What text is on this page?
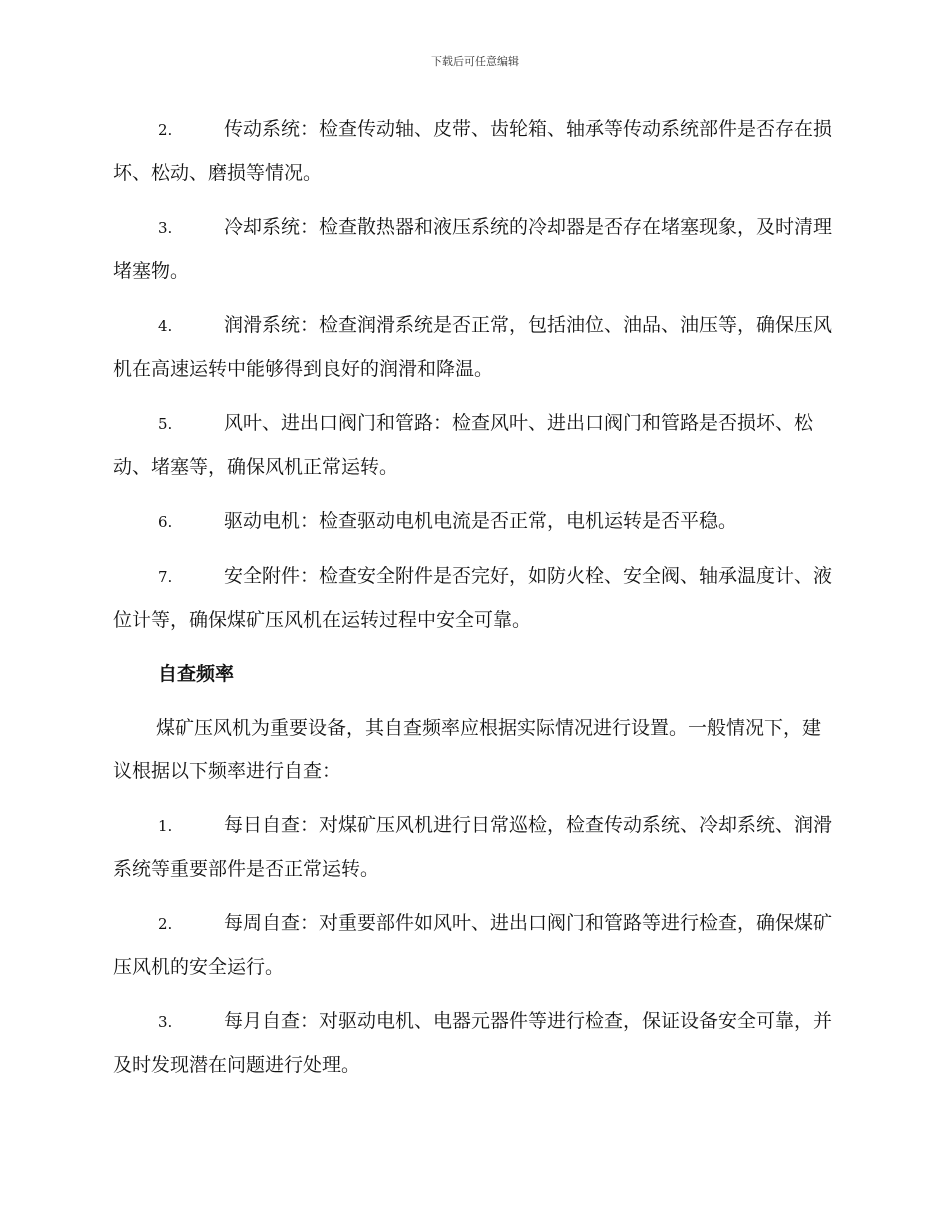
下载后可任意编辑
2.	传动系统：检查传动轴、皮带、齿轮箱、轴承等传动系统部件是否存在损坏、松动、磨损等情况。
3.	冷却系统：检查散热器和液压系统的冷却器是否存在堵塞现象，及时清理堵塞物。
4.	润滑系统：检查润滑系统是否正常，包括油位、油品、油压等，确保压风机在高速运转中能够得到良好的润滑和降温。
5.	风叶、进出口阀门和管路：检查风叶、进出口阀门和管路是否损坏、松动、堵塞等，确保风机正常运转。
6.	驱动电机：检查驱动电机电流是否正常，电机运转是否平稳。
7.	安全附件：检查安全附件是否完好，如防火栓、安全阀、轴承温度计、液位计等，确保煤矿压风机在运转过程中安全可靠。
自查频率
煤矿压风机为重要设备，其自查频率应根据实际情况进行设置。一般情况下，建议根据以下频率进行自查：
1.	每日自查：对煤矿压风机进行日常巡检，检查传动系统、冷却系统、润滑系统等重要部件是否正常运转。
2.	每周自查：对重要部件如风叶、进出口阀门和管路等进行检查，确保煤矿压风机的安全运行。
3.	每月自查：对驱动电机、电器元器件等进行检查，保证设备安全可靠，并及时发现潜在问题进行处理。
